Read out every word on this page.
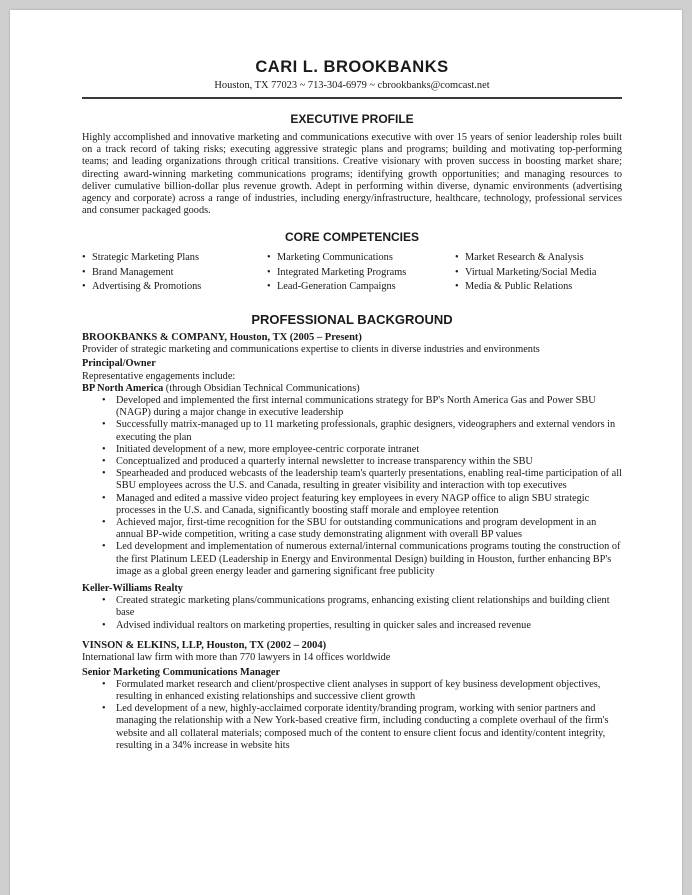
CARI L. BROOKBANKS
Houston, TX 77023 ~ 713-304-6979 ~ cbrookbanks@comcast.net
EXECUTIVE PROFILE
Highly accomplished and innovative marketing and communications executive with over 15 years of senior leadership roles built on a track record of taking risks; executing aggressive strategic plans and programs; building and motivating top-performing teams; and leading organizations through critical transitions. Creative visionary with proven success in boosting market share; directing award-winning marketing communications programs; identifying growth opportunities; and managing resources to deliver cumulative billion-dollar plus revenue growth. Adept in performing within diverse, dynamic environments (advertising agency and corporate) across a range of industries, including energy/infrastructure, healthcare, technology, professional services and consumer packaged goods.
CORE COMPETENCIES
• Strategic Marketing Plans	• Marketing Communications	• Market Research & Analysis
• Brand Management	• Integrated Marketing Programs	• Virtual Marketing/Social Media
• Advertising & Promotions	• Lead-Generation Campaigns	• Media & Public Relations
PROFESSIONAL BACKGROUND
BROOKBANKS & COMPANY, Houston, TX (2005 – Present)
Provider of strategic marketing and communications expertise to clients in diverse industries and environments
Principal/Owner
Representative engagements include:
BP North America (through Obsidian Technical Communications)
• Developed and implemented the first internal communications strategy for BP's North America Gas and Power SBU (NAGP) during a major change in executive leadership
• Successfully matrix-managed up to 11 marketing professionals, graphic designers, videographers and external vendors in executing the plan
• Initiated development of a new, more employee-centric corporate intranet
• Conceptualized and produced a quarterly internal newsletter to increase transparency within the SBU
• Spearheaded and produced webcasts of the leadership team's quarterly presentations, enabling real-time participation of all SBU employees across the U.S. and Canada, resulting in greater visibility and interaction with top executives
• Managed and edited a massive video project featuring key employees in every NAGP office to align SBU strategic processes in the U.S. and Canada, significantly boosting staff morale and employee retention
• Achieved major, first-time recognition for the SBU for outstanding communications and program development in an annual BP-wide competition, writing a case study demonstrating alignment with overall BP values
• Led development and implementation of numerous external/internal communications programs touting the construction of the first Platinum LEED (Leadership in Energy and Environmental Design) building in Houston, further enhancing BP's image as a global green energy leader and garnering significant free publicity
Keller-Williams Realty
• Created strategic marketing plans/communications programs, enhancing existing client relationships and building client base
• Advised individual realtors on marketing properties, resulting in quicker sales and increased revenue
VINSON & ELKINS, LLP, Houston, TX (2002 – 2004)
International law firm with more than 770 lawyers in 14 offices worldwide
Senior Marketing Communications Manager
• Formulated market research and client/prospective client analyses in support of key business development objectives, resulting in enhanced existing relationships and successive client growth
• Led development of a new, highly-acclaimed corporate identity/branding program, working with senior partners and managing the relationship with a New York-based creative firm, including conducting a complete overhaul of the firm's website and all collateral materials; composed much of the content to ensure client focus and identity/content integrity, resulting in a 34% increase in website hits
